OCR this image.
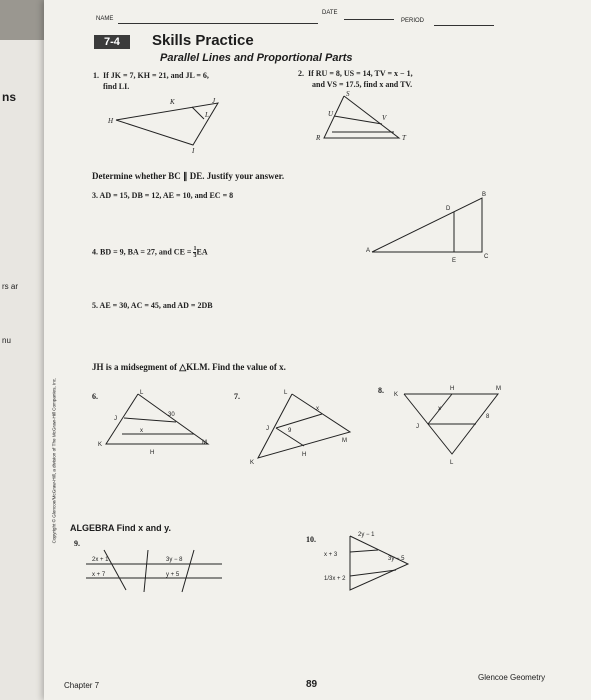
ns
rs ar
nu
NAME
DATE
PERIOD
7-4	Skills Practice
Parallel Lines and Proportional Parts
1. If JK = 7, KH = 21, and JL = 6,
find LI.
2. If RU = 8, US = 14, TV = x − 1,
and VS = 17.5, find x and TV.
K	J
H
L
I
S
U	V
R	T
Determine whether BC ∥ DE. Justify your answer.
3. AD = 15, DB = 12, AE = 10, and EC = 8	B
D
A
E
C
4. BD = 9, BA = 27, and CE = $\frac{1}{3}$ EA
5. AE = 30, AC = 45, and AD = 2DB
JH is a midsegment of △KLM. Find the value of x.
6.	L
J
30
x
K
H
M
7.	L
x
J	9
M
K
H
8. K
H	M
J
x
8
L
ALGEBRA Find x and y.
9.
2x + 1
x + 7
3y − 8
y + 5
10.	2y − 1
x + 3
3y − 5
1/3x + 2
Chapter 7	89
Glencoe Geometry
Copyright © Glencoe/McGraw-Hill, a division of The McGraw-Hill Companies, Inc.
